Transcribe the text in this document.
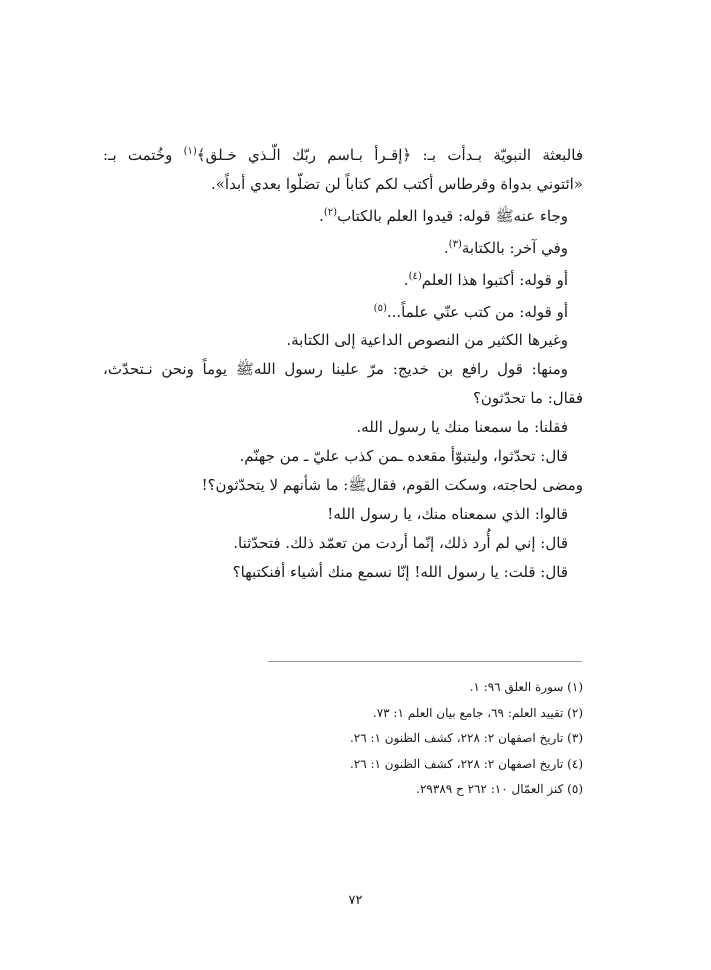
فالبعثة النبويّة بـدأت بـ: ﴿إقـرأ بـاسم ربّك الّـذي خـلق﴾$^{(١)}$ وخُتمت بـ:
«ائتوني بدواة وقرطاس أكتب لكم كتاباً لن تضلّوا بعدي أبداً».
وجاء عنهﷺ قوله: قيدوا العلم بالكتاب$^{(٢)}$.
وفي آخر: بالكتابة$^{(٣)}$.
أو قوله: أكتبوا هذا العلم$^{(٤)}$.
أو قوله: من كتب عنّي علماً...$^{(٥)}$
وغيرها الكثير من النصوص الداعية إلى الكتابة.
ومنها: قول رافع بن خديج: مرّ علينا رسول اللهﷺ يوماً ونحن نـتحدّث،
فقال: ما تحدّثون؟
فقلنا: ما سمعنا منك يا رسول الله.
قال: تحدّثوا، وليتبوّأ مقعده ـمن كذب عليّ ـ من جهنّم.
ومضى لحاجته، وسكت القوم، فقالﷺ: ما شأنهم لا يتحدّثون؟!
قالوا: الذي سمعناه منك، يا رسول الله!
قال: إني لم أُرد ذلك، إنّما أردت من تعمّد ذلك. فتحدّثنا.
قال: قلت: يا رسول الله! إنّا نسمع منك أشياء أفنكتبها؟
(١) سورة العلق ٩٦: ١.
(٢) تقييد العلم: ٦٩، جامع بيان العلم ١: ٧٣.
(٣) تاريخ اصفهان ٢: ٢٢٨، كشف الظنون ١: ٢٦.
(٤) تاريخ اصفهان ٢: ٢٢٨، كشف الظنون ١: ٢٦.
(٥) كنز العمّال ١٠: ٢٦٢ ح ٢٩٣٨٩.
٧٢
